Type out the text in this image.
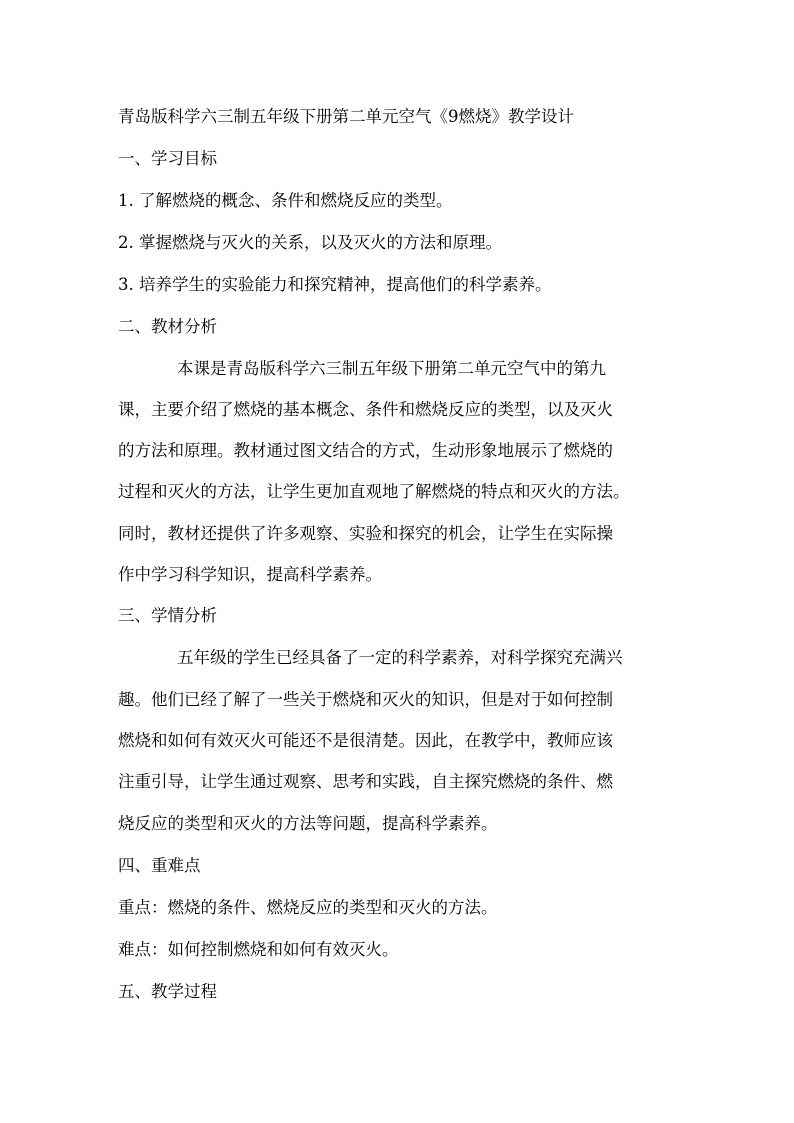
青岛版科学六三制五年级下册第二单元空气《9燃烧》教学设计
一、学习目标
1. 了解燃烧的概念、条件和燃烧反应的类型。
2. 掌握燃烧与灭火的关系，以及灭火的方法和原理。
3. 培养学生的实验能力和探究精神，提高他们的科学素养。
二、教材分析
本课是青岛版科学六三制五年级下册第二单元空气中的第九
课，主要介绍了燃烧的基本概念、条件和燃烧反应的类型，以及灭火
的方法和原理。教材通过图文结合的方式，生动形象地展示了燃烧的
过程和灭火的方法，让学生更加直观地了解燃烧的特点和灭火的方法。
同时，教材还提供了许多观察、实验和探究的机会，让学生在实际操
作中学习科学知识，提高科学素养。
三、学情分析
五年级的学生已经具备了一定的科学素养，对科学探究充满兴
趣。他们已经了解了一些关于燃烧和灭火的知识，但是对于如何控制
燃烧和如何有效灭火可能还不是很清楚。因此，在教学中，教师应该
注重引导，让学生通过观察、思考和实践，自主探究燃烧的条件、燃
烧反应的类型和灭火的方法等问题，提高科学素养。
四、重难点
重点：燃烧的条件、燃烧反应的类型和灭火的方法。
难点：如何控制燃烧和如何有效灭火。
五、教学过程
